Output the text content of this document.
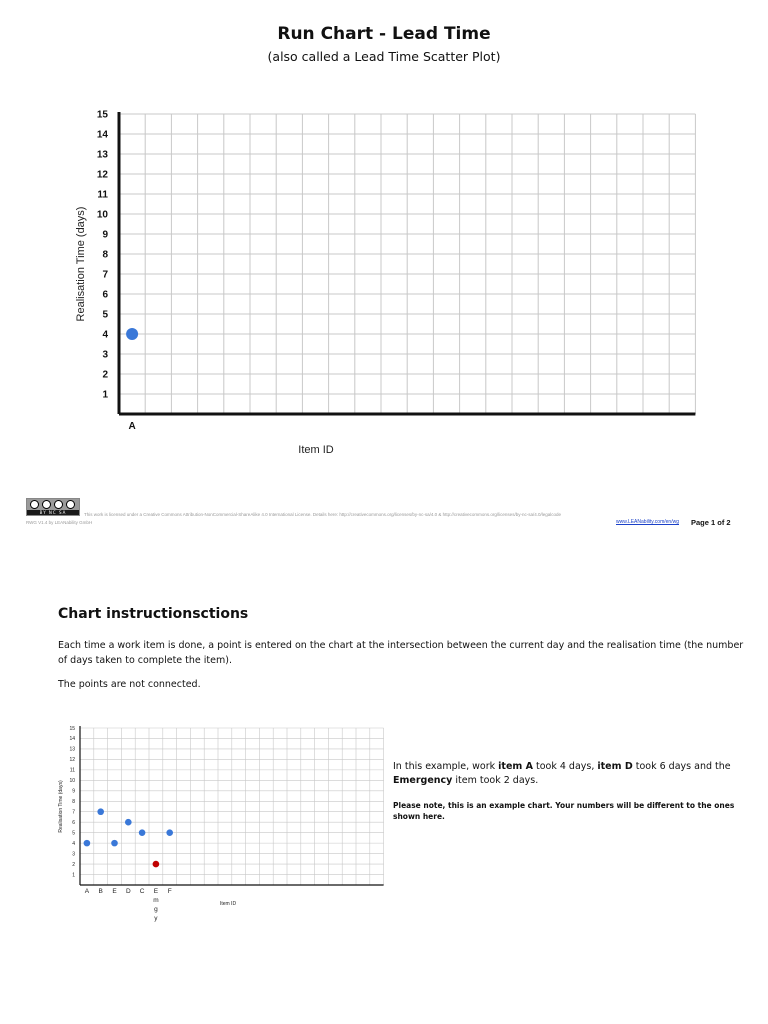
Run Chart - Lead Time
(also called a Lead Time Scatter Plot)
1
2
3
4
5
6
7
8
9
10
11
12
13
14
15
A
Realisation Time (days)
Item ID
BY NC SA	This work is licensed under a Creative Commons Attribution-NonCommercial-ShareAlike 4.0 International License. Details here: http://creativecommons.org/licenses/by-nc-sa/4.0 & http://creativecommons.org/licenses/by-nc-sa/4.0/legalcode
RWG V1.4 by LEANability GmbH	www.LEANability.com/en/wg Page 1 of 2
Chart instructionsctions
Each time a work item is done, a point is entered on the chart at the intersection between the current day and the realisation time (the number of days taken to complete the item).
The points are not connected.
1
2
3
4
5
6
7
8
9
10
11
12
13
14
15
A B E D C E
m
g
y
F
Realisation Time (days)
Item ID
In this example, work item A took 4 days, item D took 6 days and the Emergency item took 2 days.
Please note, this is an example chart. Your numbers will be different to the ones shown here.
